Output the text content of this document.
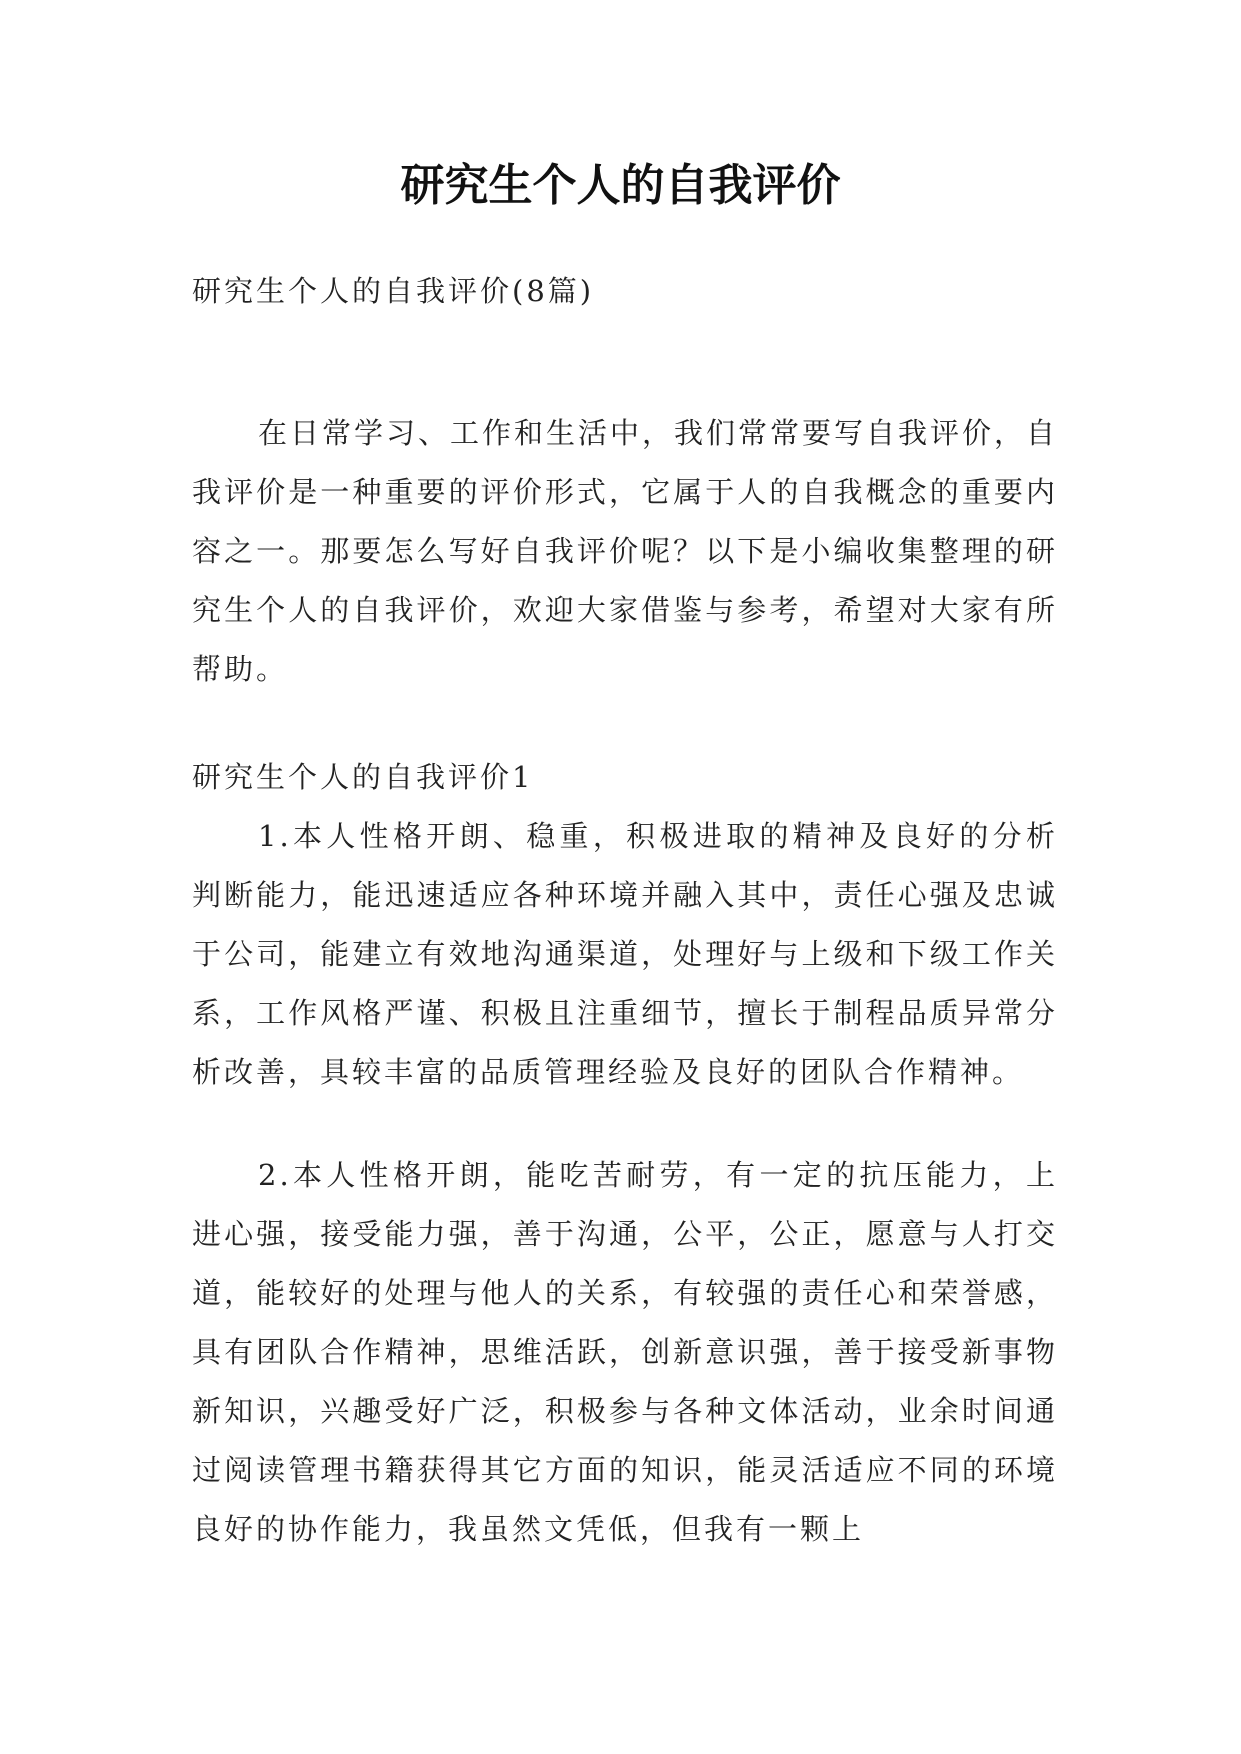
研究生个人的自我评价

研究生个人的自我评价(8篇)

在日常学习、工作和生活中，我们常常要写自我评价，自我评价是一种重要的评价形式，它属于人的自我概念的重要内容之一。那要怎么写好自我评价呢？以下是小编收集整理的研究生个人的自我评价，欢迎大家借鉴与参考，希望对大家有所帮助。

研究生个人的自我评价1

1.本人性格开朗、稳重，积极进取的精神及良好的分析判断能力，能迅速适应各种环境并融入其中，责任心强及忠诚于公司，能建立有效地沟通渠道，处理好与上级和下级工作关系，工作风格严谨、积极且注重细节，擅长于制程品质异常分析改善，具较丰富的品质管理经验及良好的团队合作精神。

2.本人性格开朗，能吃苦耐劳，有一定的抗压能力，上进心强，接受能力强，善于沟通，公平，公正，愿意与人打交道，能较好的处理与他人的关系，有较强的责任心和荣誉感，具有团队合作精神，思维活跃，创新意识强，善于接受新事物新知识，兴趣受好广泛，积极参与各种文体活动，业余时间通过阅读管理书籍获得其它方面的知识，能灵活适应不同的环境良好的协作能力，我虽然文凭低，但我有一颗上
